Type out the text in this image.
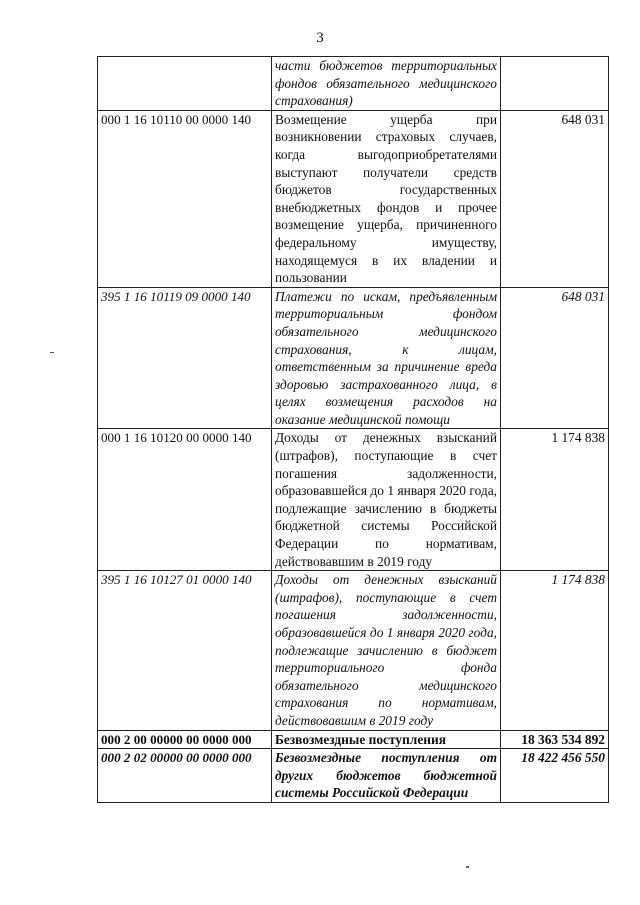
3
	части бюджетов территориальных фондов обязательного медицинского страхования)	
000 1 16 10110 00 0000 140	Возмещение ущерба при возникновении страховых случаев, когда выгодоприобретателями выступают получатели средств бюджетов государственных внебюджетных фондов и прочее возмещение ущерба, причиненного федеральному имуществу, находящемуся в их владении и пользовании	648 031
395 1 16 10119 09 0000 140	Платежи по искам, предъявленным территориальным фондом обязательного медицинского страхования, к лицам, ответственным за причинение вреда здоровью застрахованного лица, в целях возмещения расходов на оказание медицинской помощи	648 031
000 1 16 10120 00 0000 140	Доходы от денежных взысканий (штрафов), поступающие в счет погашения задолженности, образовавшейся до 1 января 2020 года, подлежащие зачислению в бюджеты бюджетной системы Российской Федерации по нормативам, действовавшим в 2019 году	1 174 838
395 1 16 10127 01 0000 140	Доходы от денежных взысканий (штрафов), поступающие в счет погашения задолженности, образовавшейся до 1 января 2020 года, подлежащие зачислению в бюджет территориального фонда обязательного медицинского страхования по нормативам, действовавшим в 2019 году	1 174 838
000 2 00 00000 00 0000 000	Безвозмездные поступления	18 363 534 892
000 2 02 00000 00 0000 000	Безвозмездные поступления от других бюджетов бюджетной системы Российской Федерации	18 422 456 550
